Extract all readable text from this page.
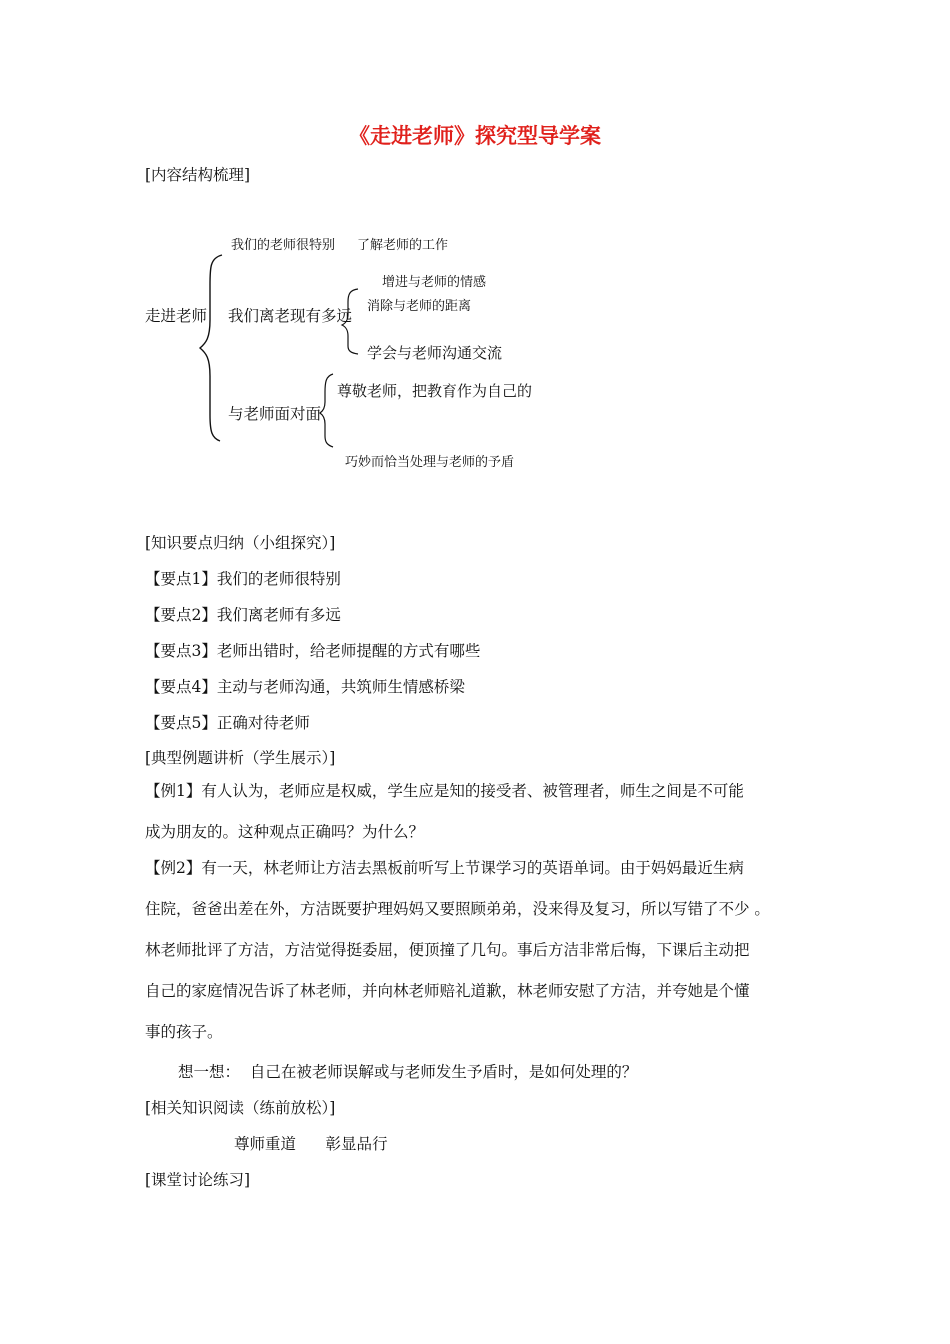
《走进老师》探究型导学案
[内容结构梳理]
走进老师
我们的老师很特别 了解老师的工作
我们离老现有多远
增进与老师的情感
消除与老师的距离
学会与老师沟通交流
与老师面对面
尊敬老师，把教育作为自己的
巧妙而恰当处理与老师的予盾
[知识要点归纳（小组探究）]
【要点1】我们的老师很特别
【要点2】我们离老师有多远
【要点3】老师出错时，给老师提醒的方式有哪些
【要点4】主动与老师沟通，共筑师生情感桥梁
【要点5】正确对待老师
[典型例题讲析（学生展示）]

【例1】有人认为，老师应是权威，学生应是知的接受者、被管理者，师生之间是不可能

成为朋友的。这种观点正确吗？为什么？

【例2】有一天，林老师让方洁去黑板前听写上节课学习的英语单词。由于妈妈最近生病

住院，爸爸出差在外，方洁既要护理妈妈又要照顾弟弟，没来得及复习，所以写错了不少 。

林老师批评了方洁，方洁觉得挺委屈，便顶撞了几句。事后方洁非常后悔，下课后主动把

自己的家庭情况告诉了林老师，并向林老师赔礼道歉，林老师安慰了方洁，并夸她是个懂

事的孩子。

想一想：  自己在被老师误解或与老师发生予盾时，是如何处理的？
[相关知识阅读（练前放松）]
尊师重道      彰显品行
[课堂讨论练习]
